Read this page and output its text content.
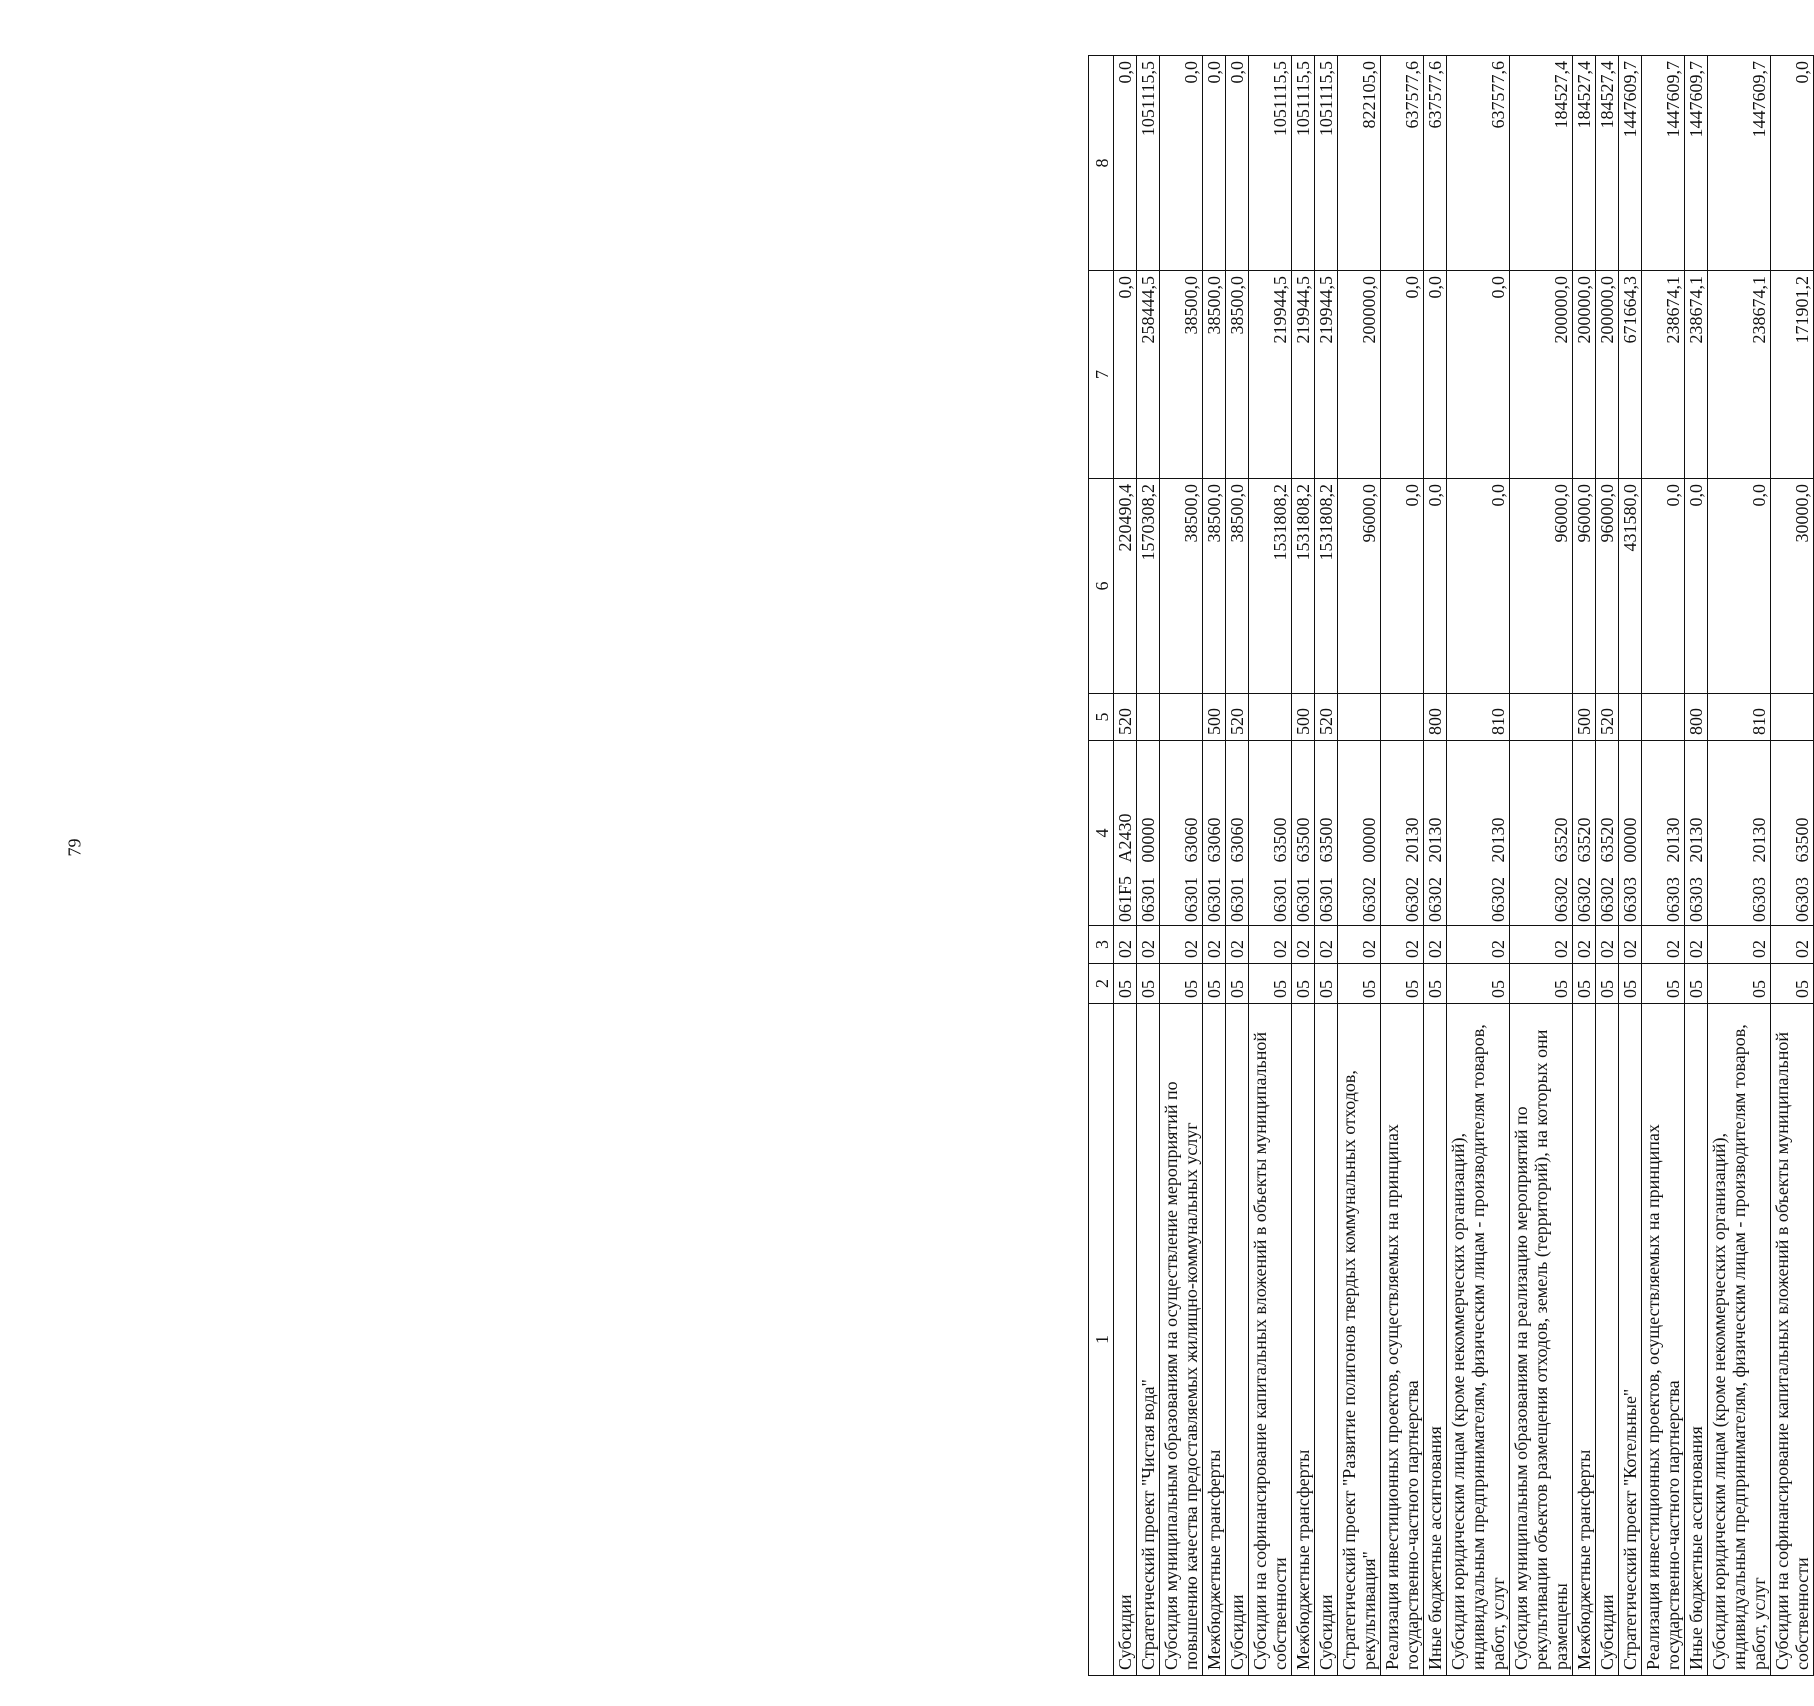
79
1	2	3	4	5	6	7	8
Субсидии	05	02	061F5 A2430	520	220490,4	0,0	0,0
Стратегический проект "Чистая вода"	05	02	06301 00000		1570308,2	258444,5	1051115,5
Субсидия муниципальным образованиям на осуществление мероприятий по повышению качества предоставляемых жилищно-коммунальных услуг	05	02	06301 63060		38500,0	38500,0	0,0
Межбюджетные трансферты	05	02	06301 63060	500	38500,0	38500,0	0,0
Субсидии	05	02	06301 63060	520	38500,0	38500,0	0,0
Субсидии на софинансирование капитальных вложений в объекты муниципальной собственности	05	02	06301 63500		1531808,2	219944,5	1051115,5
Межбюджетные трансферты	05	02	06301 63500	500	1531808,2	219944,5	1051115,5
Субсидии	05	02	06301 63500	520	1531808,2	219944,5	1051115,5
Стратегический проект "Развитие полигонов твердых коммунальных отходов, рекультивация"	05	02	06302 00000		96000,0	200000,0	822105,0
Реализация инвестиционных проектов, осуществляемых на принципах государственно-частного партнерства	05	02	06302 20130		0,0	0,0	637577,6
Иные бюджетные ассигнования	05	02	06302 20130	800	0,0	0,0	637577,6
Субсидии юридическим лицам (кроме некоммерческих организаций), индивидуальным предпринимателям, физическим лицам - производителям товаров, работ, услуг	05	02	06302 20130	810	0,0	0,0	637577,6
Субсидия муниципальным образованиям на реализацию мероприятий по рекультивации объектов размещения отходов, земель (территорий), на которых они размещены	05	02	06302 63520		96000,0	200000,0	184527,4
Межбюджетные трансферты	05	02	06302 63520	500	96000,0	200000,0	184527,4
Субсидии	05	02	06302 63520	520	96000,0	200000,0	184527,4
Стратегический проект "Котельные"	05	02	06303 00000		431580,0	671664,3	1447609,7
Реализация инвестиционных проектов, осуществляемых на принципах государственно-частного партнерства	05	02	06303 20130		0,0	238674,1	1447609,7
Иные бюджетные ассигнования	05	02	06303 20130	800	0,0	238674,1	1447609,7
Субсидии юридическим лицам (кроме некоммерческих организаций), индивидуальным предпринимателям, физическим лицам - производителям товаров, работ, услуг	05	02	06303 20130	810	0,0	238674,1	1447609,7
Субсидии на софинансирование капитальных вложений в объекты муниципальной собственности	05	02	06303 63500		30000,0	171901,2	0,0
